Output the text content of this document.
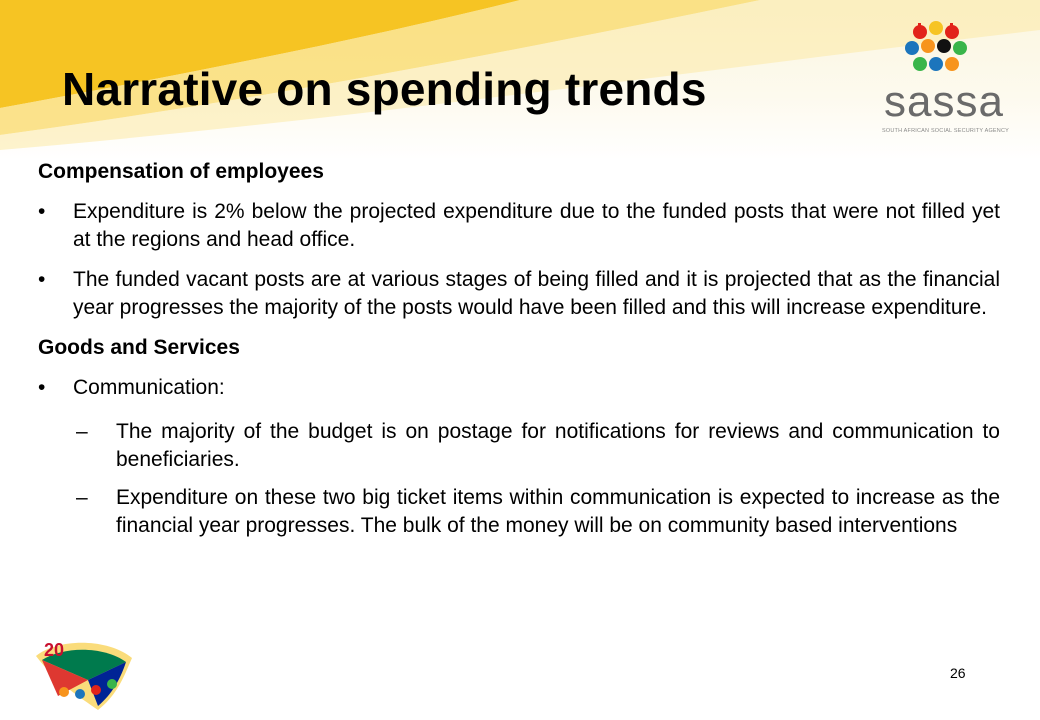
Narrative on spending trends	sassa
SOUTH AFRICAN SOCIAL SECURITY AGENCY
Compensation of employees
• Expenditure is 2% below the projected expenditure due to the funded posts that were not filled yet at the regions and head office.
• The funded vacant posts are at various stages of being filled and it is projected that as the financial year progresses the majority of the posts would have been filled and this will increase expenditure.
Goods and Services
• Communication:
– The majority of the budget is on postage for notifications for reviews and communication to beneficiaries.
– Expenditure on these two big ticket items within communication is expected to increase as the financial year progresses. The bulk of the money will be on community based interventions
20
26
